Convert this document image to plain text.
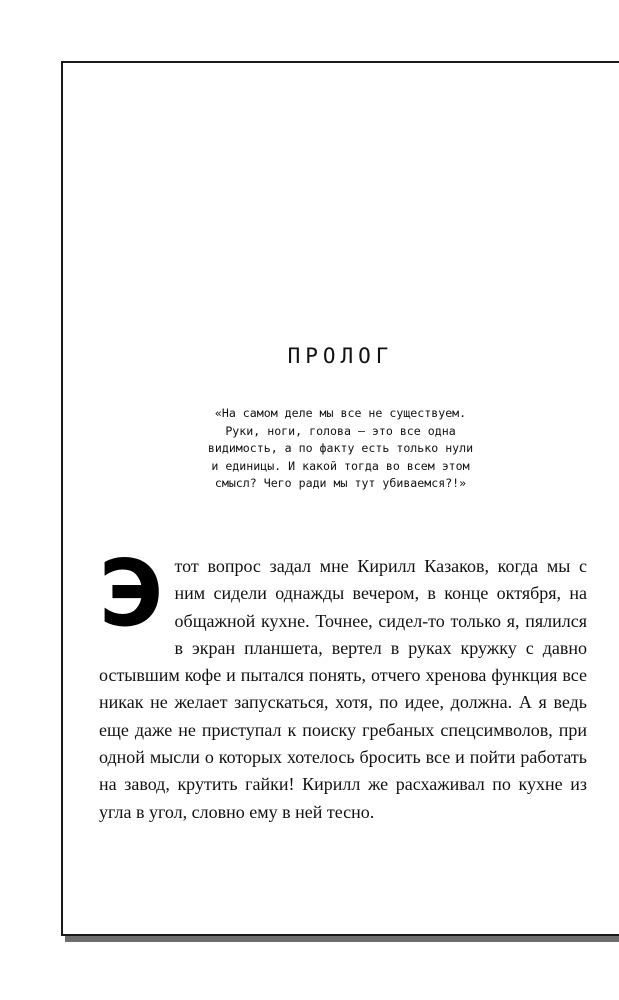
ПРОЛОГ

«На самом деле мы все не существуем.
Руки, ноги, голова — это все одна
видимость, а по факту есть только нули
и единицы. И какой тогда во всем этом
смысл? Чего ради мы тут убиваемся?!»

Этот вопрос задал мне Кирилл Казаков, когда мы с ним сидели однажды вечером, в конце октября, на общажной кухне. Точнее, сидел-то только я, пялился в экран планшета, вертел в руках кружку с давно остывшим кофе и пытался понять, отчего хренова функция все никак не желает запускаться, хотя, по идее, должна. А я ведь еще даже не приступал к поиску гребаных спецсимволов, при одной мысли о которых хотелось бросить все и пойти работать на завод, крутить гайки! Кирилл же расхаживал по кухне из угла в угол, словно ему в ней тесно.
